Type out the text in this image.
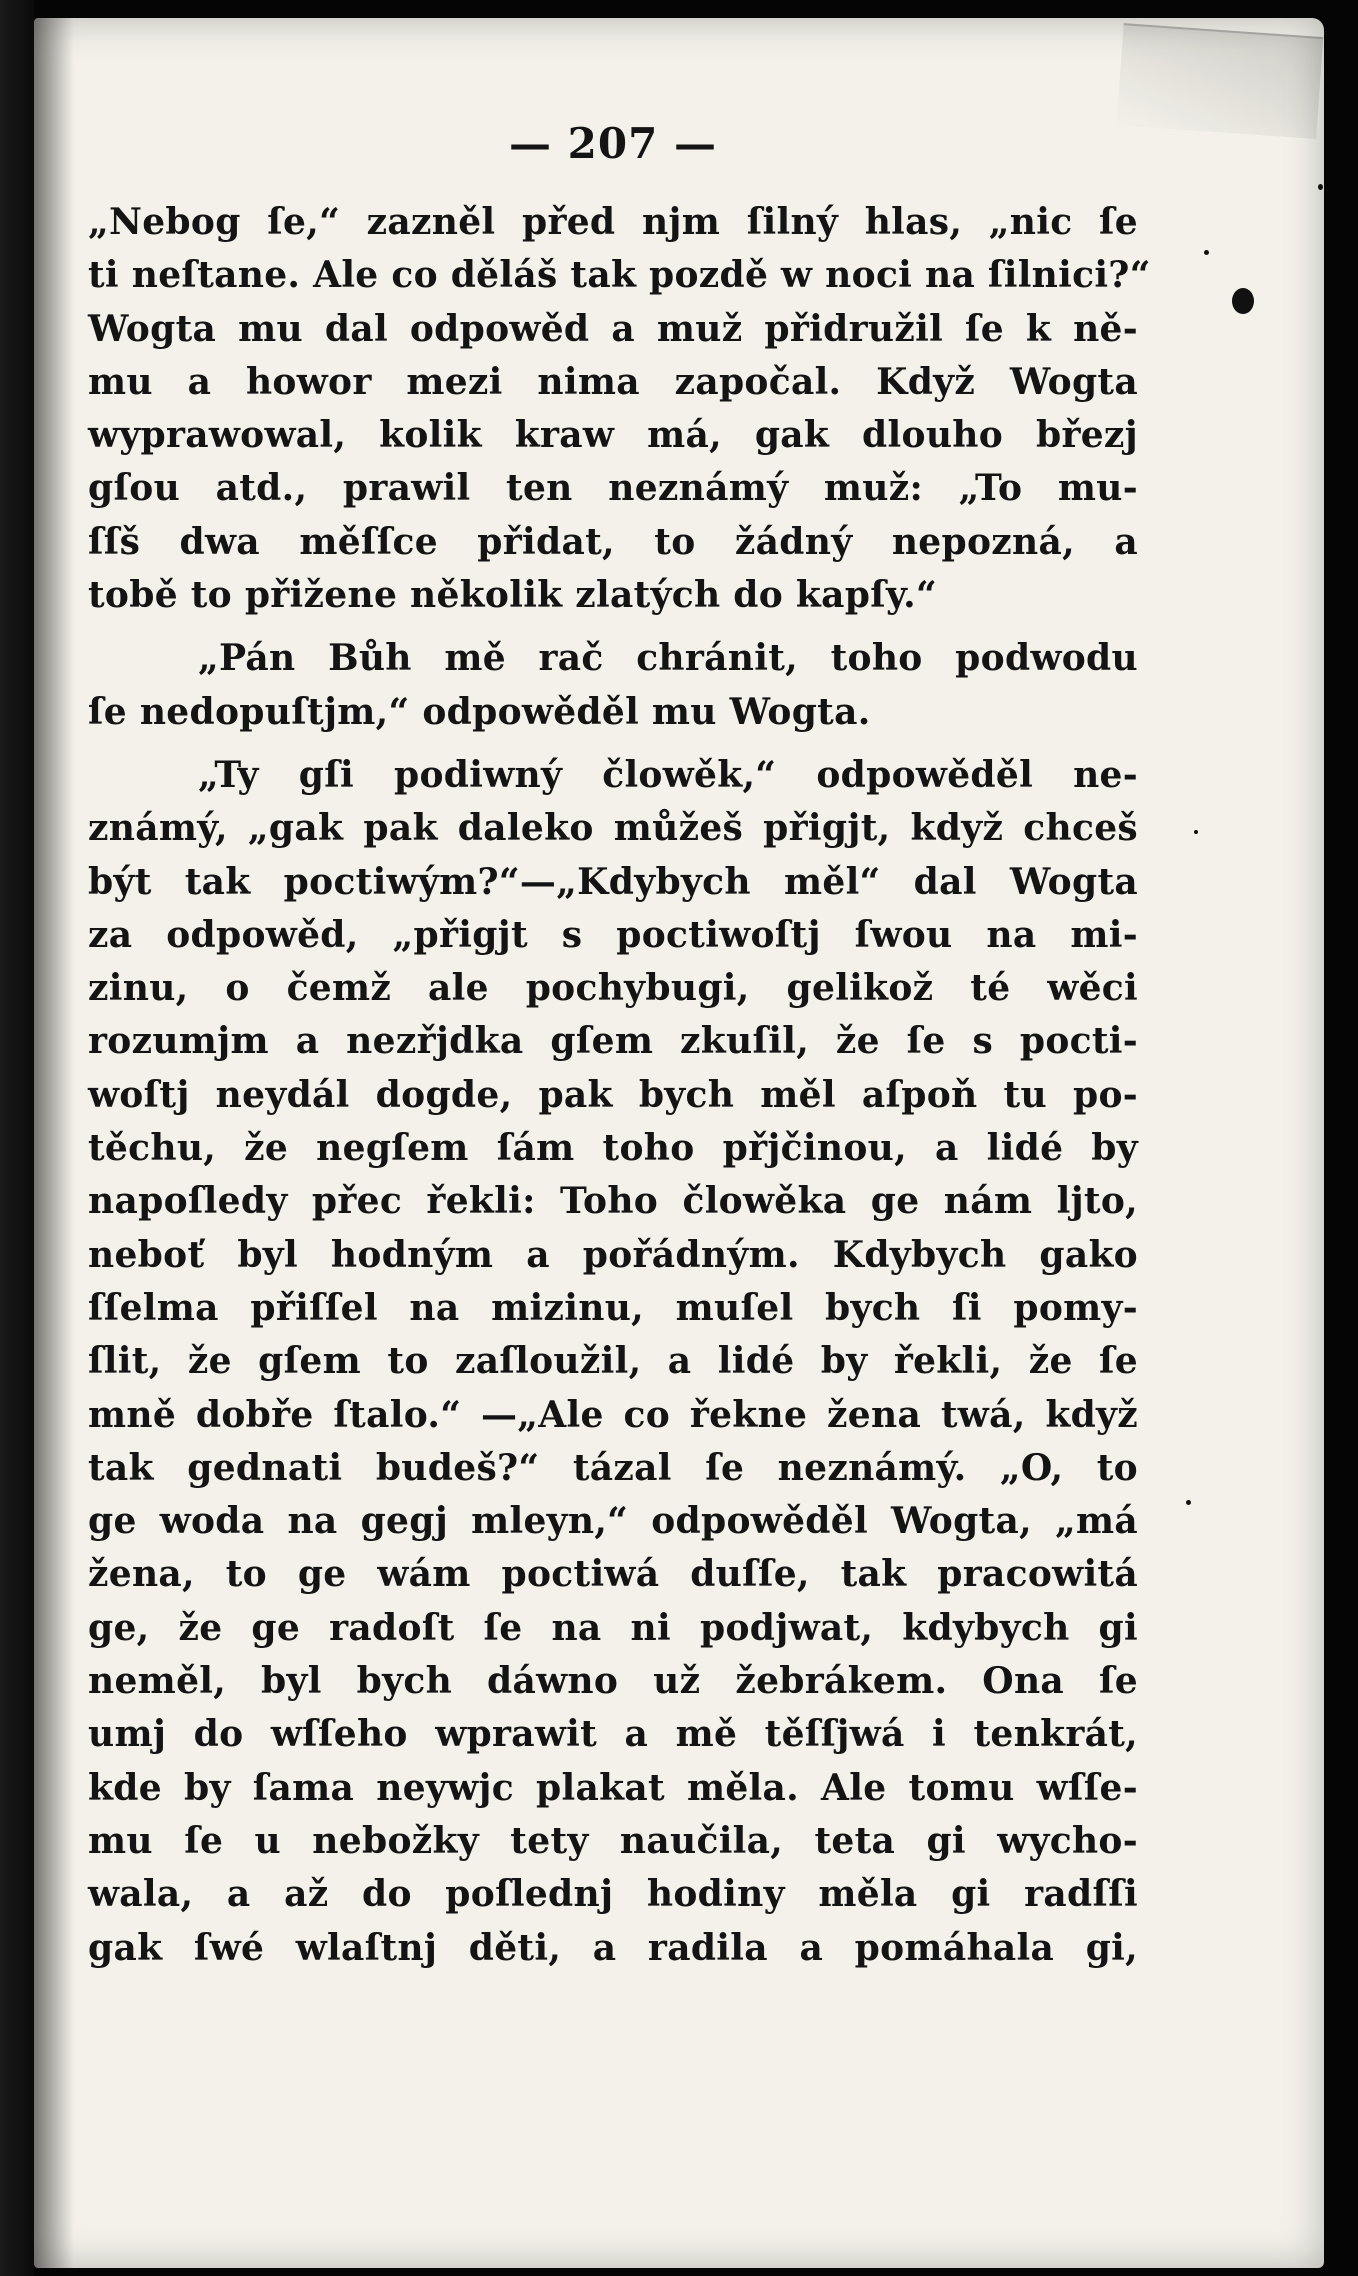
— 207 —
„Nebog ſe,“ zazněl před njm ſilný hlas, „nic ſe
ti neſtane. Ale co děláš tak pozdě w noci na ſilnici?“
Wogta mu dal odpowěd a muž přidružil ſe k ně-
mu a howor mezi nima započal. Když Wogta
wyprawowal, kolik kraw má, gak dlouho březj
gſou atd., prawil ten neznámý muž: „To mu-
ſſš dwa měſſce přidat, to žádný nepozná, a
tobě to přižene několik zlatých do kapſy.“
„Pán Bůh mě rač chránit, toho podwodu
ſe nedopuſtjm,“ odpowěděl mu Wogta.
„Ty gſi podiwný člowěk,“ odpowěděl ne-
známý, „gak pak daleko můžeš přigjt, když chceš
být tak poctiwým?“—„Kdybych měl“ dal Wogta
za odpowěd, „přigjt s poctiwoſtj ſwou na mi-
zinu, o čemž ale pochybugi, gelikož té wěci
rozumjm a nezřjdka gſem zkuſil, že ſe s pocti-
woſtj neydál dogde, pak bych měl aſpoň tu po-
těchu, že negſem ſám toho přjčinou, a lidé by
napoſledy přec řekli: Toho člowěka ge nám ljto,
neboť byl hodným a pořádným. Kdybych gako
ſſelma přiſſel na mizinu, muſel bych ſi pomy-
ſlit, že gſem to zaſloužil, a lidé by řekli, že ſe
mně dobře ſtalo.“ —„Ale co řekne žena twá, když
tak gednati budeš?“ tázal ſe neznámý. „O, to
ge woda na gegj mleyn,“ odpowěděl Wogta, „má
žena, to ge wám poctiwá duſſe, tak pracowitá
ge, že ge radoſt ſe na ni podjwat, kdybych gi
neměl, byl bych dáwno už žebrákem. Ona ſe
umj do wſſeho wprawit a mě těſſjwá i tenkrát,
kde by ſama neywjc plakat měla. Ale tomu wſſe-
mu ſe u nebožky tety naučila, teta gi wycho-
wala, a až do poſlednj hodiny měla gi radſſi
gak ſwé wlaſtnj děti, a radila a pomáhala gi,
